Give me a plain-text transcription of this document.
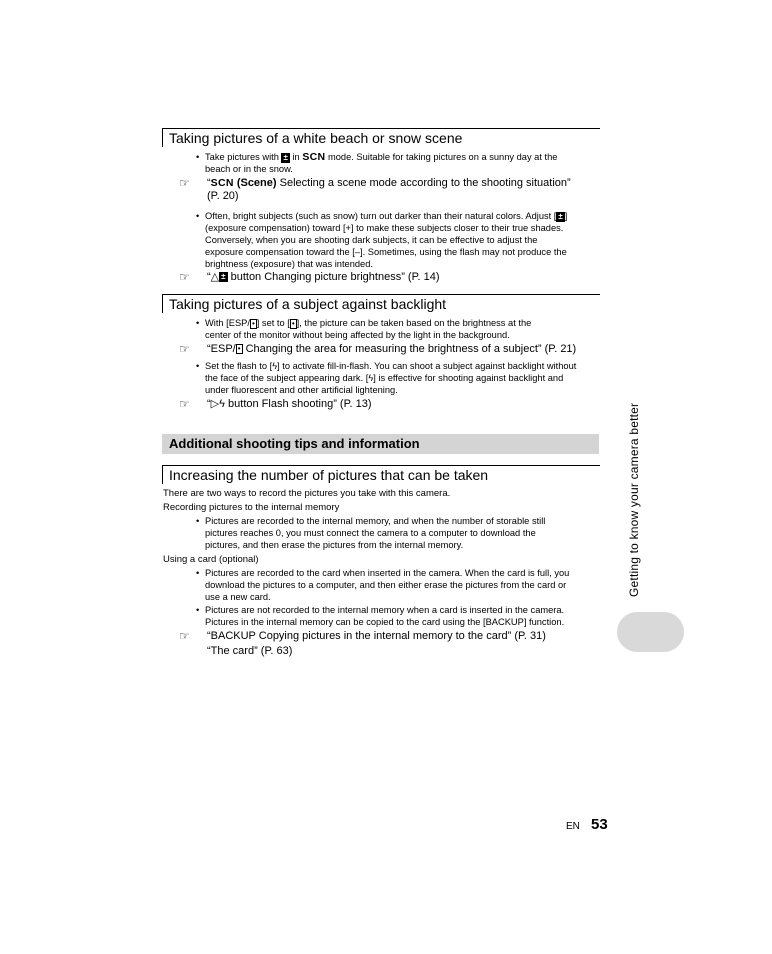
Taking pictures of a white beach or snow scene
• Take pictures with ± in SCN mode. Suitable for taking pictures on a sunny day at the
beach or in the snow.
☞ “SCN (Scene) Selecting a scene mode according to the shooting situation”
(P. 20)
• Often, bright subjects (such as snow) turn out darker than their natural colors. Adjust [ ± ]
(exposure compensation) toward [+] to make these subjects closer to their true shades.
Conversely, when you are shooting dark subjects, it can be effective to adjust the
exposure compensation toward the [–]. Sometimes, using the flash may not produce the
brightness (exposure) that was intended.
☞ “△ ± button Changing picture brightness” (P. 14)
Taking pictures of a subject against backlight
• With [ESP/ • ] set to [ • ], the picture can be taken based on the brightness at the
center of the monitor without being affected by the light in the background.
☞ “ESP/ • Changing the area for measuring the brightness of a subject” (P. 21)
• Set the flash to [ϟ] to activate fill-in-flash. You can shoot a subject against backlight without
the face of the subject appearing dark. [ϟ] is effective for shooting against backlight and
under fluorescent and other artificial lightening.
☞ “▷ϟ button Flash shooting” (P. 13)
Additional shooting tips and information
Increasing the number of pictures that can be taken
There are two ways to record the pictures you take with this camera.
Recording pictures to the internal memory
• Pictures are recorded to the internal memory, and when the number of storable still
pictures reaches 0, you must connect the camera to a computer to download the
pictures, and then erase the pictures from the internal memory.
Using a card (optional)
• Pictures are recorded to the card when inserted in the camera. When the card is full, you
download the pictures to a computer, and then either erase the pictures from the card or
use a new card.
• Pictures are not recorded to the internal memory when a card is inserted in the camera.
Pictures in the internal memory can be copied to the card using the [BACKUP] function.
☞ “BACKUP Copying pictures in the internal memory to the card” (P. 31)
“The card” (P. 63)
Getting to know your camera better
EN 53
